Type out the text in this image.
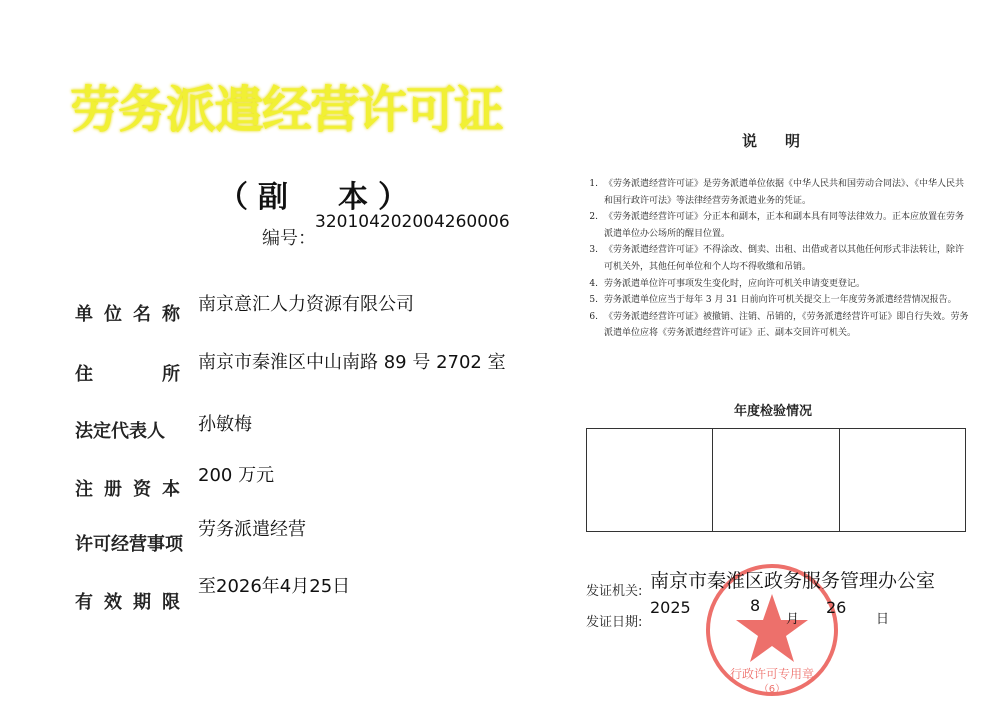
劳务派遣经营许可证
（副　本）
编号：
320104202004260006
单 位 名 称 南京意汇人力资源有限公司
住	所
南京市秦淮区中山南路 89 号 2702 室
法定代表人 孙敏梅
注 册 资 本
200 万元
许可经营事项
劳务派遣经营
有 效 期 限
至2026年4月25日
说明

1. 《劳务派遣经营许可证》是劳务派遣单位依据《中华人民共和国劳动合同法》、《中华人民共和国行政许可法》等法律经营劳务派遣业务的凭证。

2. 《劳务派遣经营许可证》分正本和副本，正本和副本具有同等法律效力。正本应放置在劳务派遣单位办公场所的醒目位置。

3. 《劳务派遣经营许可证》不得涂改、倒卖、出租、出借或者以其他任何形式非法转让，除许可机关外，其他任何单位和个人均不得收缴和吊销。

4. 劳务派遣单位许可事项发生变化时，应向许可机关申请变更登记。

5. 劳务派遣单位应当于每年 3 月 31 日前向许可机关提交上一年度劳务派遣经营情况报告。

6. 《劳务派遣经营许可证》被撤销、注销、吊销的，《劳务派遣经营许可证》即自行失效。劳务派遣单位应将《劳务派遣经营许可证》正、副本交回许可机关。

年度检验情况
行政许可专用章
（6）
发证机关: 南京市秦淮区政务服务管理办公室
发证日期:
2025	8
月
26
日
